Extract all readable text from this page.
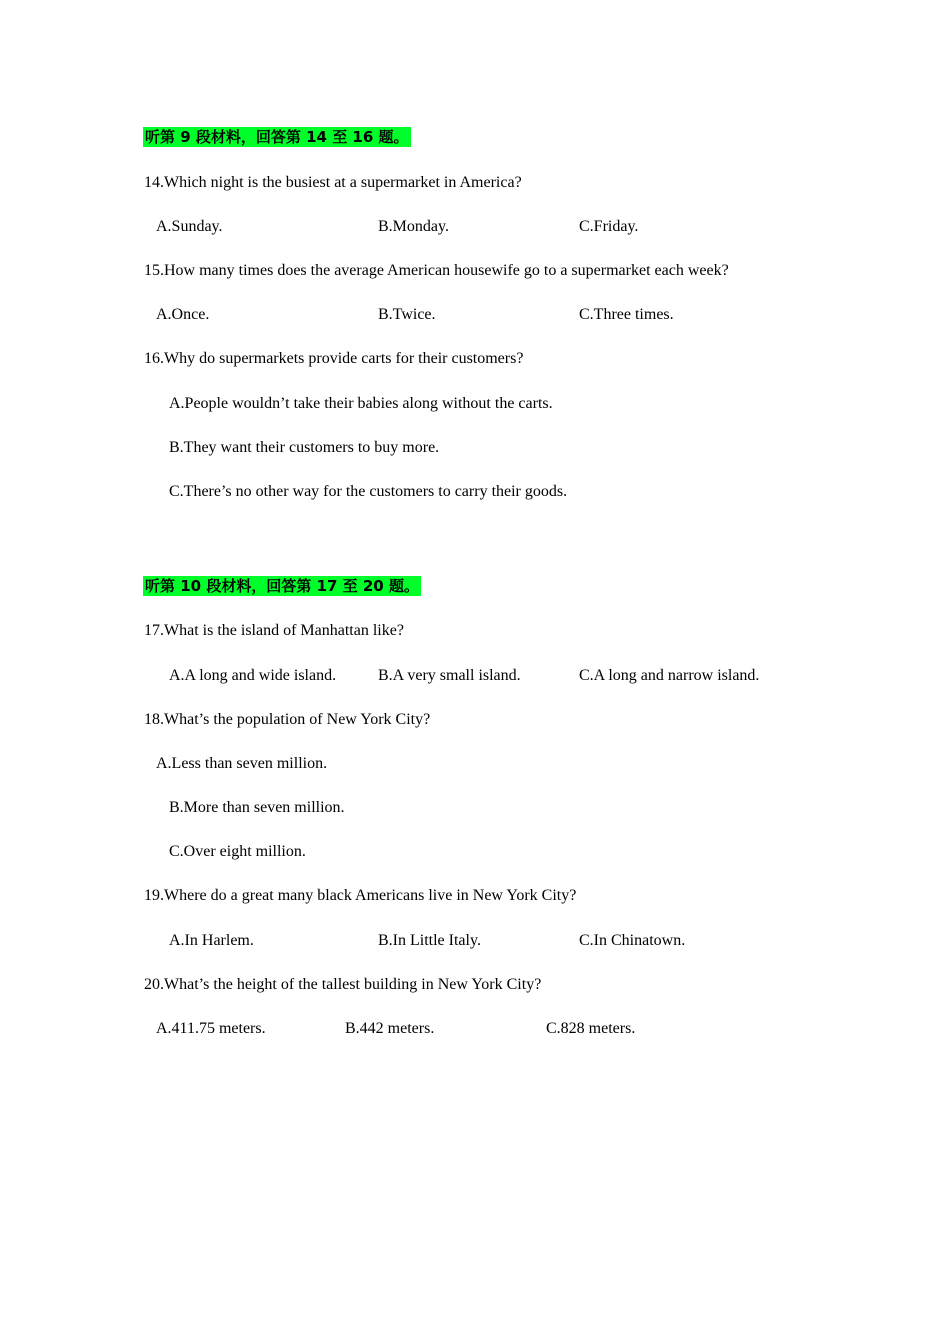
听第 9 段材料，回答第 14 至 16 题。
14.Which night is the busiest at a supermarket in America?
A.Sunday.	B.Monday.	C.Friday.
15.How many times does the average American housewife go to a supermarket each week?
A.Once.	B.Twice.	C.Three times.
16.Why do supermarkets provide carts for their customers?
A.People wouldn’t take their babies along without the carts.
B.They want their customers to buy more.
C.There’s no other way for the customers to carry their goods.
听第 10 段材料，回答第 17 至 20 题。
17.What is the island of Manhattan like?
A.A long and wide island.	B.A very small island.	C.A long and narrow island.
18.What’s the population of New York City?
A.Less than seven million.
B.More than seven million.
C.Over eight million.
19.Where do a great many black Americans live in New York City?
A.In Harlem.	B.In Little Italy.	C.In Chinatown.
20.What’s the height of the tallest building in New York City?
A.411.75 meters.	B.442 meters.	C.828 meters.
